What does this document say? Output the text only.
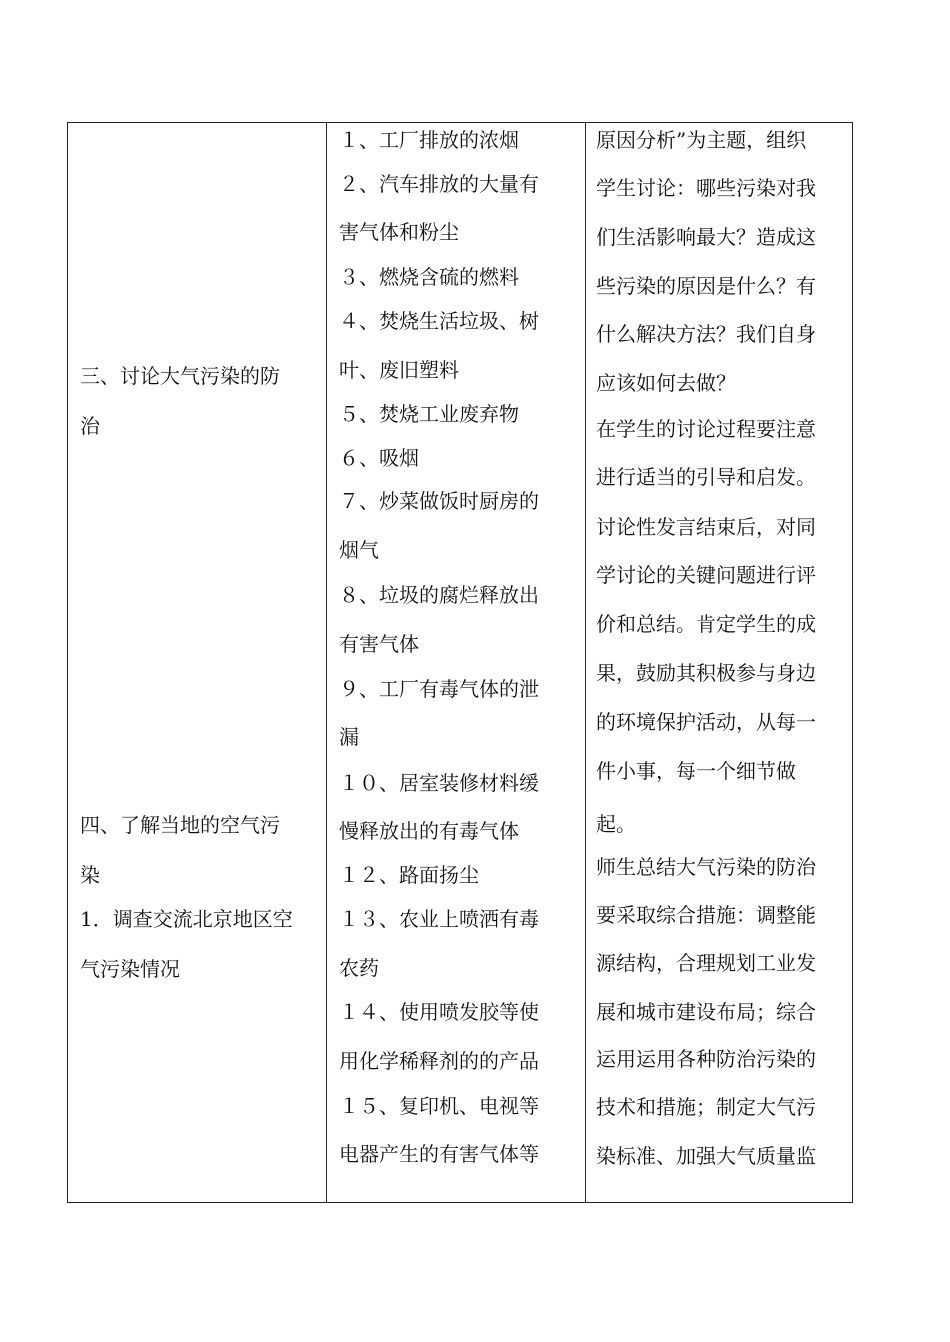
三、讨论大气污染的防
治
四、了解当地的空气污
染
1．调查交流北京地区空
气污染情况
１、工厂排放的浓烟
２、汽车排放的大量有
害气体和粉尘
３、燃烧含硫的燃料
４、焚烧生活垃圾、树
叶、废旧塑料
５、焚烧工业废弃物
６、吸烟
７、炒菜做饭时厨房的
烟气
８、垃圾的腐烂释放出
有害气体
９、工厂有毒气体的泄
漏
１０、居室装修材料缓
慢释放出的有毒气体
１２、路面扬尘
１３、农业上喷洒有毒
农药
１４、使用喷发胶等使
用化学稀释剂的的产品
１５、复印机、电视等
电器产生的有害气体等
原因分析”为主题，组织
学生讨论：哪些污染对我
们生活影响最大？造成这
些污染的原因是什么？有
什么解决方法？我们自身
应该如何去做？
在学生的讨论过程要注意
进行适当的引导和启发。
讨论性发言结束后，对同
学讨论的关键问题进行评
价和总结。肯定学生的成
果，鼓励其积极参与身边
的环境保护活动，从每一
件小事，每一个细节做
起。
师生总结大气污染的防治
要采取综合措施：调整能
源结构，合理规划工业发
展和城市建设布局；综合
运用运用各种防治污染的
技术和措施；制定大气污
染标准、加强大气质量监
